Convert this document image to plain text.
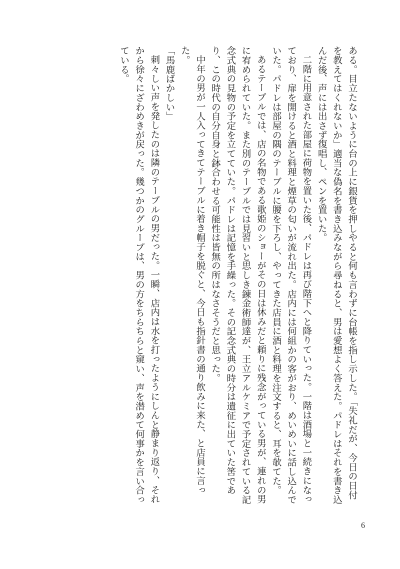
ある。目立たないように台の上に銀貨を押しやると何も言わずに台帳を指し示した。「失礼だが、今日の日付を教えてはくれないか」適当な偽名を書き込みながら尋ねると、男は愛想よく答えた。パドレはそれを書き込んだ後、声には出さず復唱し、ペンを置いた。

二階に用意された部屋に荷物を置いた後、パドレは再び階下へと降りていった。一階は酒場と一続きになっており、扉を開けると酒と料理と煙草の匂いが流れ出た。店内には何組かの客がおり、めいめいに話し込んでいた。パドレは部屋の隅のテーブルに腰を下ろし、やってきた店員に酒と料理を注文すると、耳を欹てた。

あるテーブルでは、店の名物である歌姫のショーがその日は休みだと頼りに残念がっている男が、連れの男に宥められていた。また別のテーブルでは見習いと思しき錬金術師達が、王立アルケミアで予定されている記念式典の見物の予定を立てていた。パドレは記憶を手繰った。その記念式典の時分は遺征に出ていた筈であり、この時代の自分自身と鉢合わせる可能性は皆無の所はなさそうだと思った。

中年の男が一人入ってきてテーブルに着き帽子を脱ぐと、今日も指針書の通り飲みに来た、と店員に言った。

「馬鹿ばかしい」

刺々しい声を発したのは隣のテーブルの男だった。一瞬、店内は水を打ったようにしんと静まり返り、それから徐々にざわめきが戻った。幾つかのグループは、男の方をちらちらと窺い、声を潜めて何事かを言い合っている。

6
